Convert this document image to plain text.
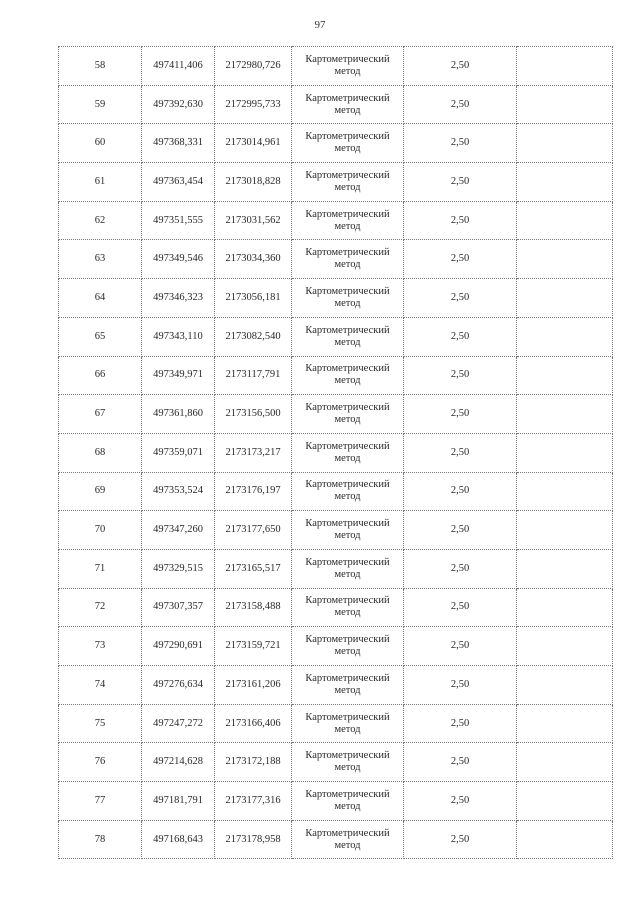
97
58	497411,406	2172980,726	Картометрический метод	2,50	
59	497392,630	2172995,733	Картометрический метод	2,50	
60	497368,331	2173014,961	Картометрический метод	2,50	
61	497363,454	2173018,828	Картометрический метод	2,50	
62	497351,555	2173031,562	Картометрический метод	2,50	
63	497349,546	2173034,360	Картометрический метод	2,50	
64	497346,323	2173056,181	Картометрический метод	2,50	
65	497343,110	2173082,540	Картометрический метод	2,50	
66	497349,971	2173117,791	Картометрический метод	2,50	
67	497361,860	2173156,500	Картометрический метод	2,50	
68	497359,071	2173173,217	Картометрический метод	2,50	
69	497353,524	2173176,197	Картометрический метод	2,50	
70	497347,260	2173177,650	Картометрический метод	2,50	
71	497329,515	2173165,517	Картометрический метод	2,50	
72	497307,357	2173158,488	Картометрический метод	2,50	
73	497290,691	2173159,721	Картометрический метод	2,50	
74	497276,634	2173161,206	Картометрический метод	2,50	
75	497247,272	2173166,406	Картометрический метод	2,50	
76	497214,628	2173172,188	Картометрический метод	2,50	
77	497181,791	2173177,316	Картометрический метод	2,50	
78	497168,643	2173178,958	Картометрический метод	2,50	
